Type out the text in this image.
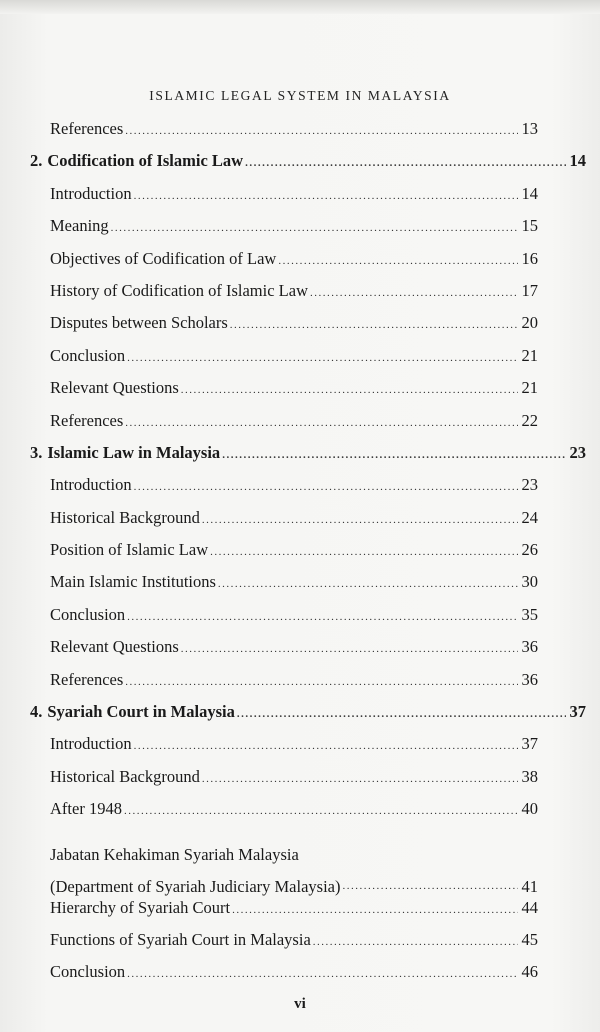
ISLAMIC LEGAL SYSTEM IN MALAYSIA
References .....	13
2. Codification of Islamic Law .....	14
Introduction .....	14
Meaning .....	15
Objectives of Codification of Law .....	16
History of Codification of Islamic Law .....	17
Disputes between Scholars .....	20
Conclusion .....	21
Relevant Questions .....	21
References .....	22
3. Islamic Law in Malaysia .....	23
Introduction .....	23
Historical Background .....	24
Position of Islamic Law .....	26
Main Islamic Institutions .....	30
Conclusion .....	35
Relevant Questions .....	36
References .....	36
4. Syariah Court in Malaysia .....	37
Introduction .....	37
Historical Background .....	38
After 1948 .....	40
Jabatan Kehakiman Syariah Malaysia
(Department of Syariah Judiciary Malaysia) .....	41
Hierarchy of Syariah Court .....	44
Functions of Syariah Court in Malaysia .....	45
Conclusion .....	46
vi
